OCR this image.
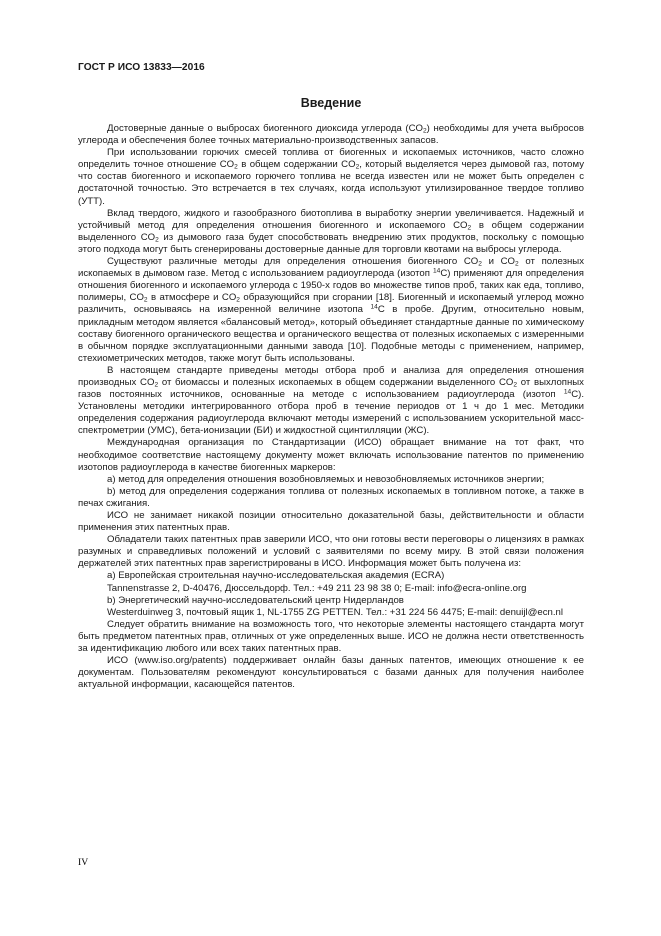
ГОСТ Р ИСО 13833—2016
Введение

Достоверные данные о выбросах биогенного диоксида углерода $(CO_2)$ необходимы для учета выбросов углерода и обеспечения более точных материально-производственных запасов.

При использовании горючих смесей топлива от биогенных и ископаемых источников, часто сложно определить точное отношение $CO_2$ в общем содержании $CO_2$, который выделяется через дымовой газ, потому что состав биогенного и ископаемого горючего топлива не всегда известен или не может быть определен с достаточной точностью. Это встречается в тех случаях, когда используют утилизированное твердое топливо (УТТ).

Вклад твердого, жидкого и газообразного биотоплива в выработку энергии увеличивается. Надежный и устойчивый метод для определения отношения биогенного и ископаемого $CO_2$ в общем содержании выделенного $CO_2$ из дымового газа будет способствовать внедрению этих продуктов, поскольку с помощью этого подхода могут быть сгенерированы достоверные данные для торговли квотами на выбросы углерода.

Существуют различные методы для определения отношения биогенного $CO_2$ и $CO_2$ от полезных ископаемых в дымовом газе. Метод с использованием радиоуглерода (изотоп $^{14}$C) применяют для определения отношения биогенного и ископаемого углерода с 1950-х годов во множестве типов проб, таких как еда, топливо, полимеры, $CO_2$ в атмосфере и $CO_2$ образующийся при сгорании [18]. Биогенный и ископаемый углерод можно различить, основываясь на измеренной величине изотопа $^{14}$C в пробе. Другим, относительно новым, прикладным методом является «балансовый метод», который объединяет стандартные данные по химическому составу биогенного органического вещества и органического вещества от полезных ископаемых с измеренными в обычном порядке эксплуатационными данными завода [10]. Подобные методы с применением, например, стехиометрических методов, также могут быть использованы.

В настоящем стандарте приведены методы отбора проб и анализа для определения отношения производных $CO_2$ от биомассы и полезных ископаемых в общем содержании выделенного $CO_2$ от выхлопных газов постоянных источников, основанные на методе с использованием радиоуглерода (изотоп $^{14}$C). Установлены методики интегрированного отбора проб в течение периодов от 1 ч до 1 мес. Методики определения содержания радиоуглерода включают методы измерений с использованием ускорительной масс-спектрометрии (УМС), бета-ионизации (БИ) и жидкостной сцинтилляции (ЖС).

Международная организация по Стандартизации (ИСО) обращает внимание на тот факт, что необходимое соответствие настоящему документу может включать использование патентов по применению изотопов радиоуглерода в качестве биогенных маркеров:

a) метод для определения отношения возобновляемых и невозобновляемых источников энергии;

b) метод для определения содержания топлива от полезных ископаемых в топливном потоке, а также в печах сжигания.

ИСО не занимает никакой позиции относительно доказательной базы, действительности и области применения этих патентных прав.

Обладатели таких патентных прав заверили ИСО, что они готовы вести переговоры о лицензиях в рамках разумных и справедливых положений и условий с заявителями по всему миру. В этой связи положения держателей этих патентных прав зарегистрированы в ИСО. Информация может быть получена из:

a) Европейская строительная научно-исследовательская академия (ECRA)

Tannenstrasse 2, D-40476, Дюссельдорф. Тел.: +49 211 23 98 38 0; E-mail: info@ecra-online.org

b) Энергетический научно-исследовательский центр Нидерландов

Westerduinweg 3, почтовый ящик 1, NL-1755 ZG PETTEN. Тел.: +31 224 56 4475; E-mail: denuijl@ecn.nl

Следует обратить внимание на возможность того, что некоторые элементы настоящего стандарта могут быть предметом патентных прав, отличных от уже определенных выше. ИСО не должна нести ответственность за идентификацию любого или всех таких патентных прав.

ИСО (www.iso.org/patents) поддерживает онлайн базы данных патентов, имеющих отношение к ее документам. Пользователям рекомендуют консультироваться с базами данных для получения наиболее актуальной информации, касающейся патентов.

IV
